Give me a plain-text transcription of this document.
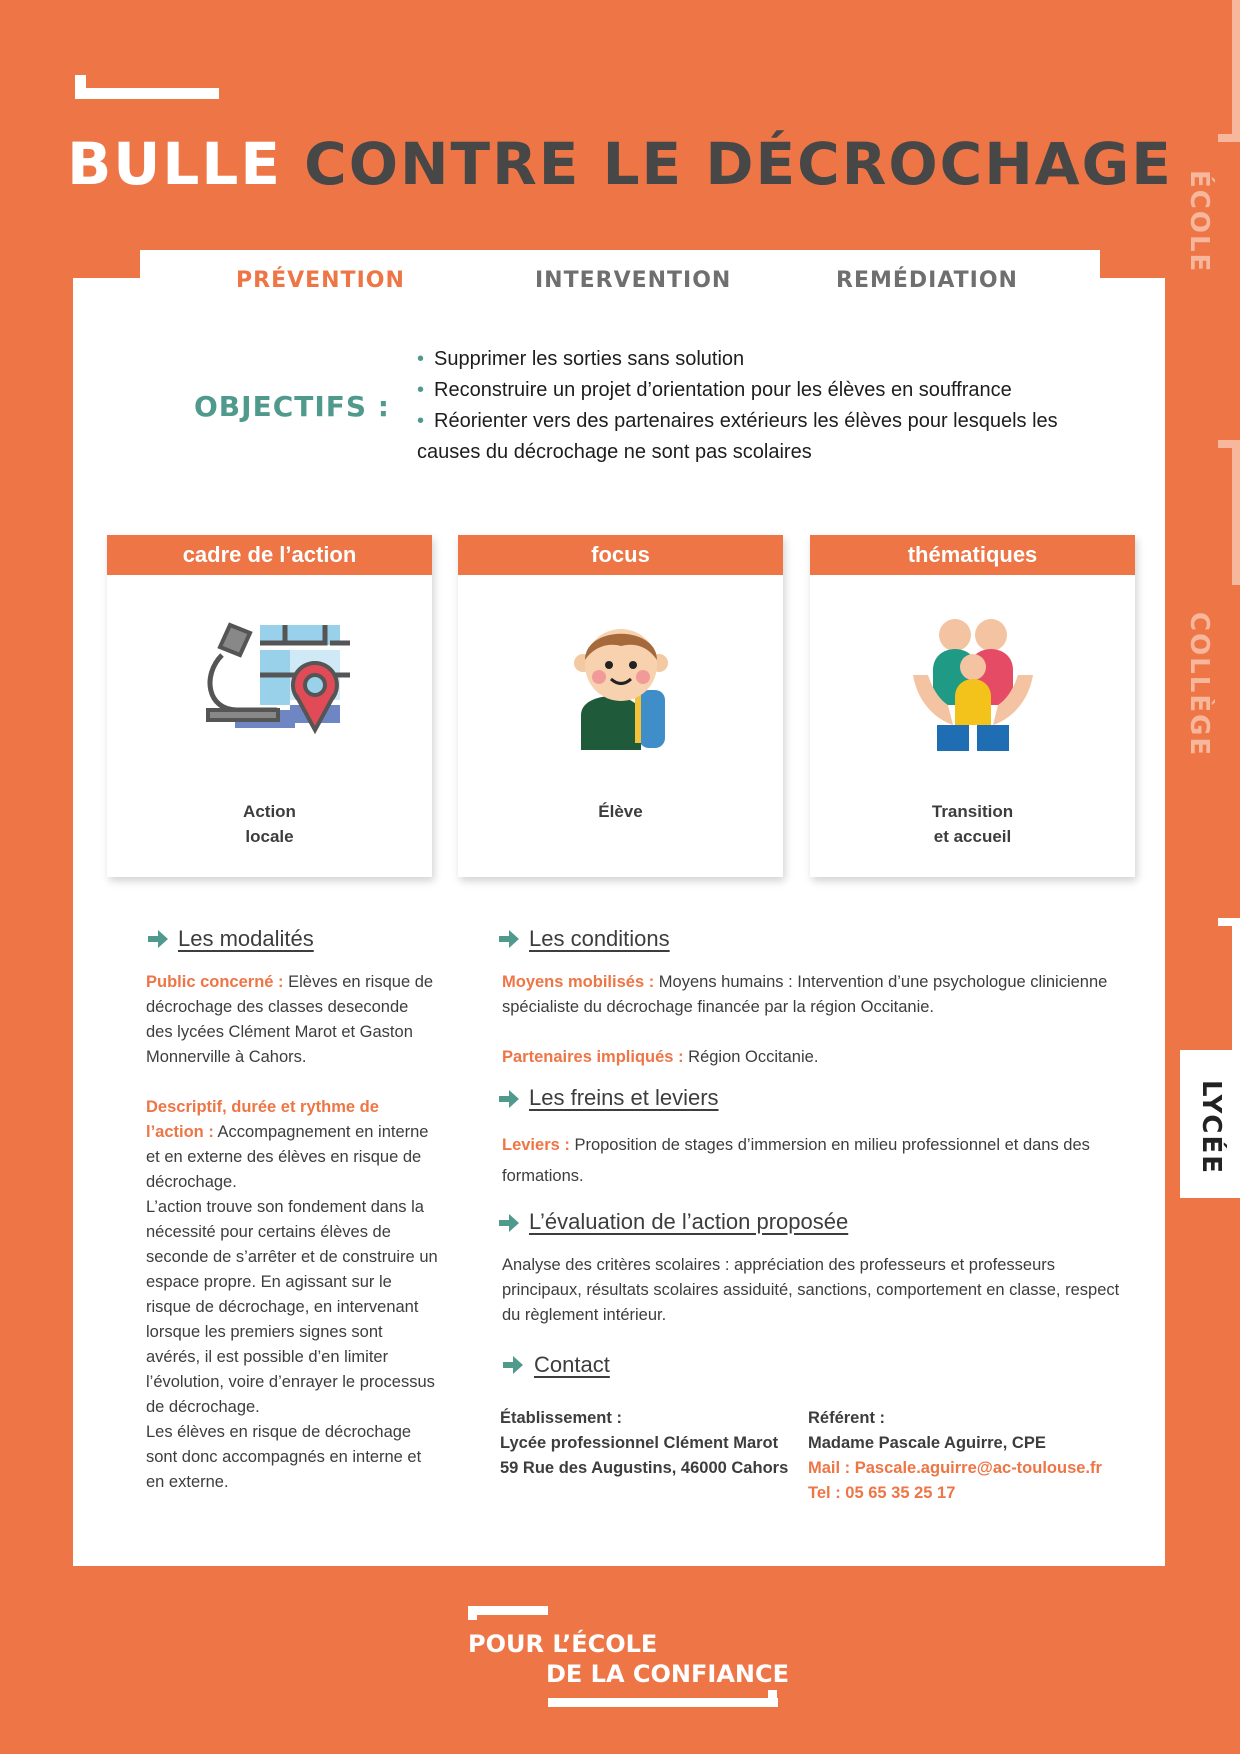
BULLE CONTRE LE DÉCROCHAGE
ÉCOLE
COLLÈGE
LYCÉE
PRÉVENTION	INTERVENTION	REMÉDIATION
OBJECTIFS :
• Supprimer les sorties sans solution
• Reconstruire un projet d’orientation pour les élèves en souffrance
• Réorienter vers des partenaires extérieurs les élèves pour lesquels les causes du décrochage ne sont pas scolaires
cadre de l’action
Action
locale
focus
Élève
thématiques
Transition
et accueil
Les modalités
Public concerné : Elèves en risque de décrochage des classes deseconde des lycées Clément Marot et Gaston Monnerville à Cahors.
Descriptif, durée et rythme de l’action : Accompagnement en interne et en externe des élèves en risque de décrochage.
L’action trouve son fondement dans la nécessité pour certains élèves de seconde de s’arrêter et de construire un espace propre. En agissant sur le risque de décrochage, en intervenant lorsque les premiers signes sont avérés, il est possible d’en limiter l’évolution, voire d’enrayer le processus de décrochage.
Les élèves en risque de décrochage sont donc accompagnés en interne et en externe.
Les conditions
Moyens mobilisés : Moyens humains : Intervention d’une psychologue clinicienne spécialiste du décrochage financée par la région Occitanie.
Partenaires impliqués : Région Occitanie.
Les freins et leviers
Leviers : Proposition de stages d’immersion en milieu professionnel et dans des formations.
L’évaluation de l’action proposée
Analyse des critères scolaires : appréciation des professeurs et professeurs principaux, résultats scolaires assiduité, sanctions, comportement en classe, respect du règlement intérieur.
Contact
Établissement :
Lycée professionnel Clément Marot
59 Rue des Augustins, 46000 Cahors
Référent :
Madame Pascale Aguirre, CPE
Mail : Pascale.aguirre@ac-toulouse.fr
Tel : 05 65 35 25 17
POUR L’ÉCOLE
DE LA CONFIANCE
